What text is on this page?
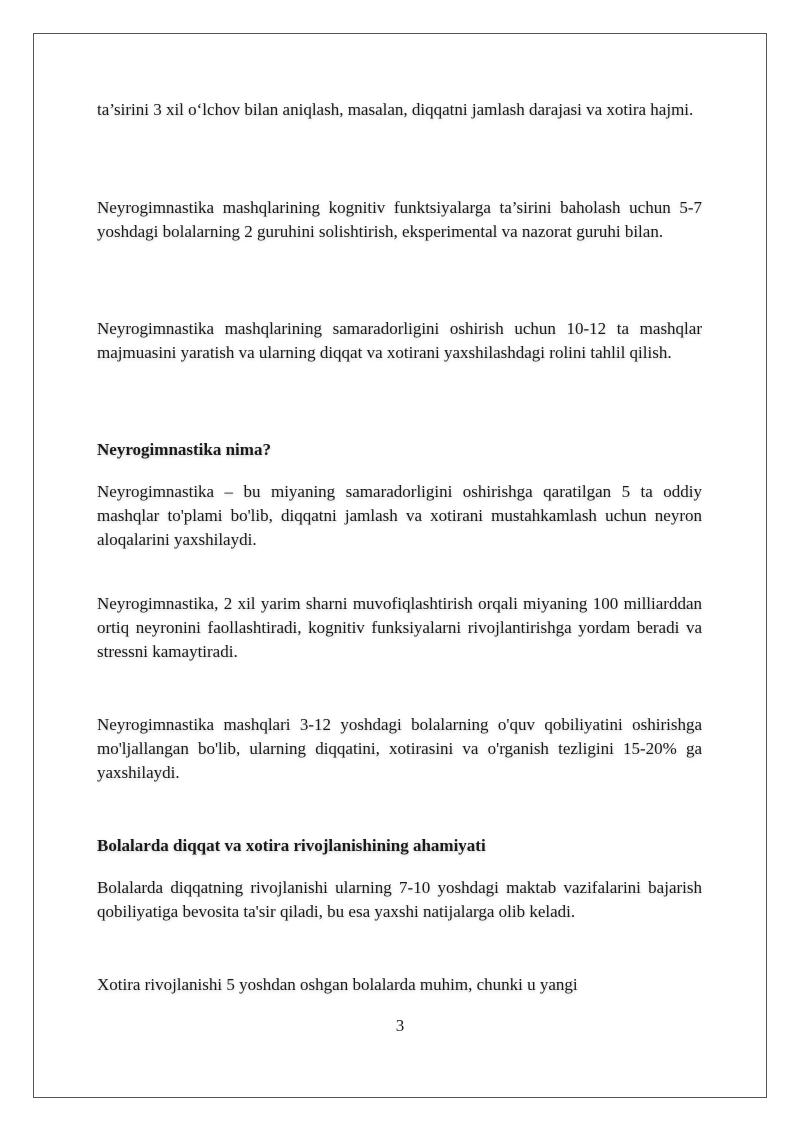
ta’sirini 3 xil o‘lchov bilan aniqlash, masalan, diqqatni jamlash darajasi va xotira hajmi.

Neyrogimnastika mashqlarining kognitiv funktsiyalarga ta’sirini baholash uchun 5-7 yoshdagi bolalarning 2 guruhini solishtirish, eksperimental va nazorat guruhi bilan.

Neyrogimnastika mashqlarining samaradorligini oshirish uchun 10-12 ta mashqlar majmuasini yaratish va ularning diqqat va xotirani yaxshilashdagi rolini tahlil qilish.

Neyrogimnastika nima?

Neyrogimnastika – bu miyaning samaradorligini oshirishga qaratilgan 5 ta oddiy mashqlar to'plami bo'lib, diqqatni jamlash va xotirani mustahkamlash uchun neyron aloqalarini yaxshilaydi.

Neyrogimnastika, 2 xil yarim sharni muvofiqlashtirish orqali miyaning 100 milliarddan ortiq neyronini faollashtiradi, kognitiv funksiyalarni rivojlantirishga yordam beradi va stressni kamaytiradi.

Neyrogimnastika mashqlari 3-12 yoshdagi bolalarning o'quv qobiliyatini oshirishga mo'ljallangan bo'lib, ularning diqqatini, xotirasini va o'rganish tezligini 15-20% ga yaxshilaydi.

Bolalarda diqqat va xotira rivojlanishining ahamiyati

Bolalarda diqqatning rivojlanishi ularning 7-10 yoshdagi maktab vazifalarini bajarish qobiliyatiga bevosita ta'sir qiladi, bu esa yaxshi natijalarga olib keladi.

Xotira rivojlanishi 5 yoshdan oshgan bolalarda muhim, chunki u yangi

3
